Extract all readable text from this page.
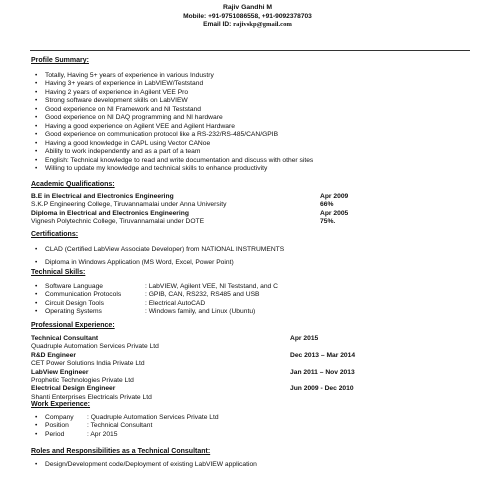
Rajiv Gandhi M
Mobile: +91-9751086558, +91-9092378703
Email ID: rajivskp@gmail.com
Profile Summary:
• Totally, Having 5+ years of experience in various Industry
• Having 3+ years of experience in LabVIEW/Teststand
• Having 2 years of experience in Agilent VEE Pro
• Strong software development skills on LabVIEW
• Good experience on NI Framework and NI Teststand
• Good experience on NI DAQ programming and NI hardware
• Having a good experience on Agilent VEE and Agilent Hardware
• Good experience on communication protocol like a RS-232/RS-485/CAN/GPIB
• Having a good knowledge in CAPL using Vector CANoe
• Ability to work independently and as a part of a team
• English: Technical knowledge to read and write documentation and discuss with other sites
• Willing to update my knowledge and technical skills to enhance productivity
Academic Qualifications:
B.E in Electrical and Electronics Engineering	Apr 2009
S.K.P Engineering College, Tiruvannamalai under Anna University	66%
Diploma in Electrical and Electronics Engineering	Apr 2005
Vignesh Polytechnic College, Tiruvannamalai under DOTE	75%.
Certifications:
• CLAD (Certified LabView Associate Developer) from NATIONAL INSTRUMENTS
• Diploma in Windows Application (MS Word, Excel, Power Point)
Technical Skills:
• Software Language	: LabVIEW, Agilent VEE, NI Teststand, and C
• Communication Protocols	: GPIB, CAN, RS232, RS485 and USB
• Circuit Design Tools	: Electrical AutoCAD
• Operating Systems	: Windows family, and Linux (Ubuntu)
Professional Experience:
Technical Consultant	Apr 2015
Quadruple Automation Services Private Ltd
R&D Engineer	Dec 2013 – Mar 2014
CET Power Solutions India Private Ltd
LabView Engineer	Jan 2011 – Nov 2013
Prophetic Technologies Private Ltd
Electrical Design Engineer	Jun 2009 - Dec 2010
Shanti Enterprises Electricals Private Ltd
Work Experience:
• Company : Quadruple Automation Services Private Ltd
• Position	: Technical Consultant
• Period	: Apr 2015
Roles and Responsibilities as a Technical Consultant:
• Design/Development code/Deployment of existing LabVIEW application
